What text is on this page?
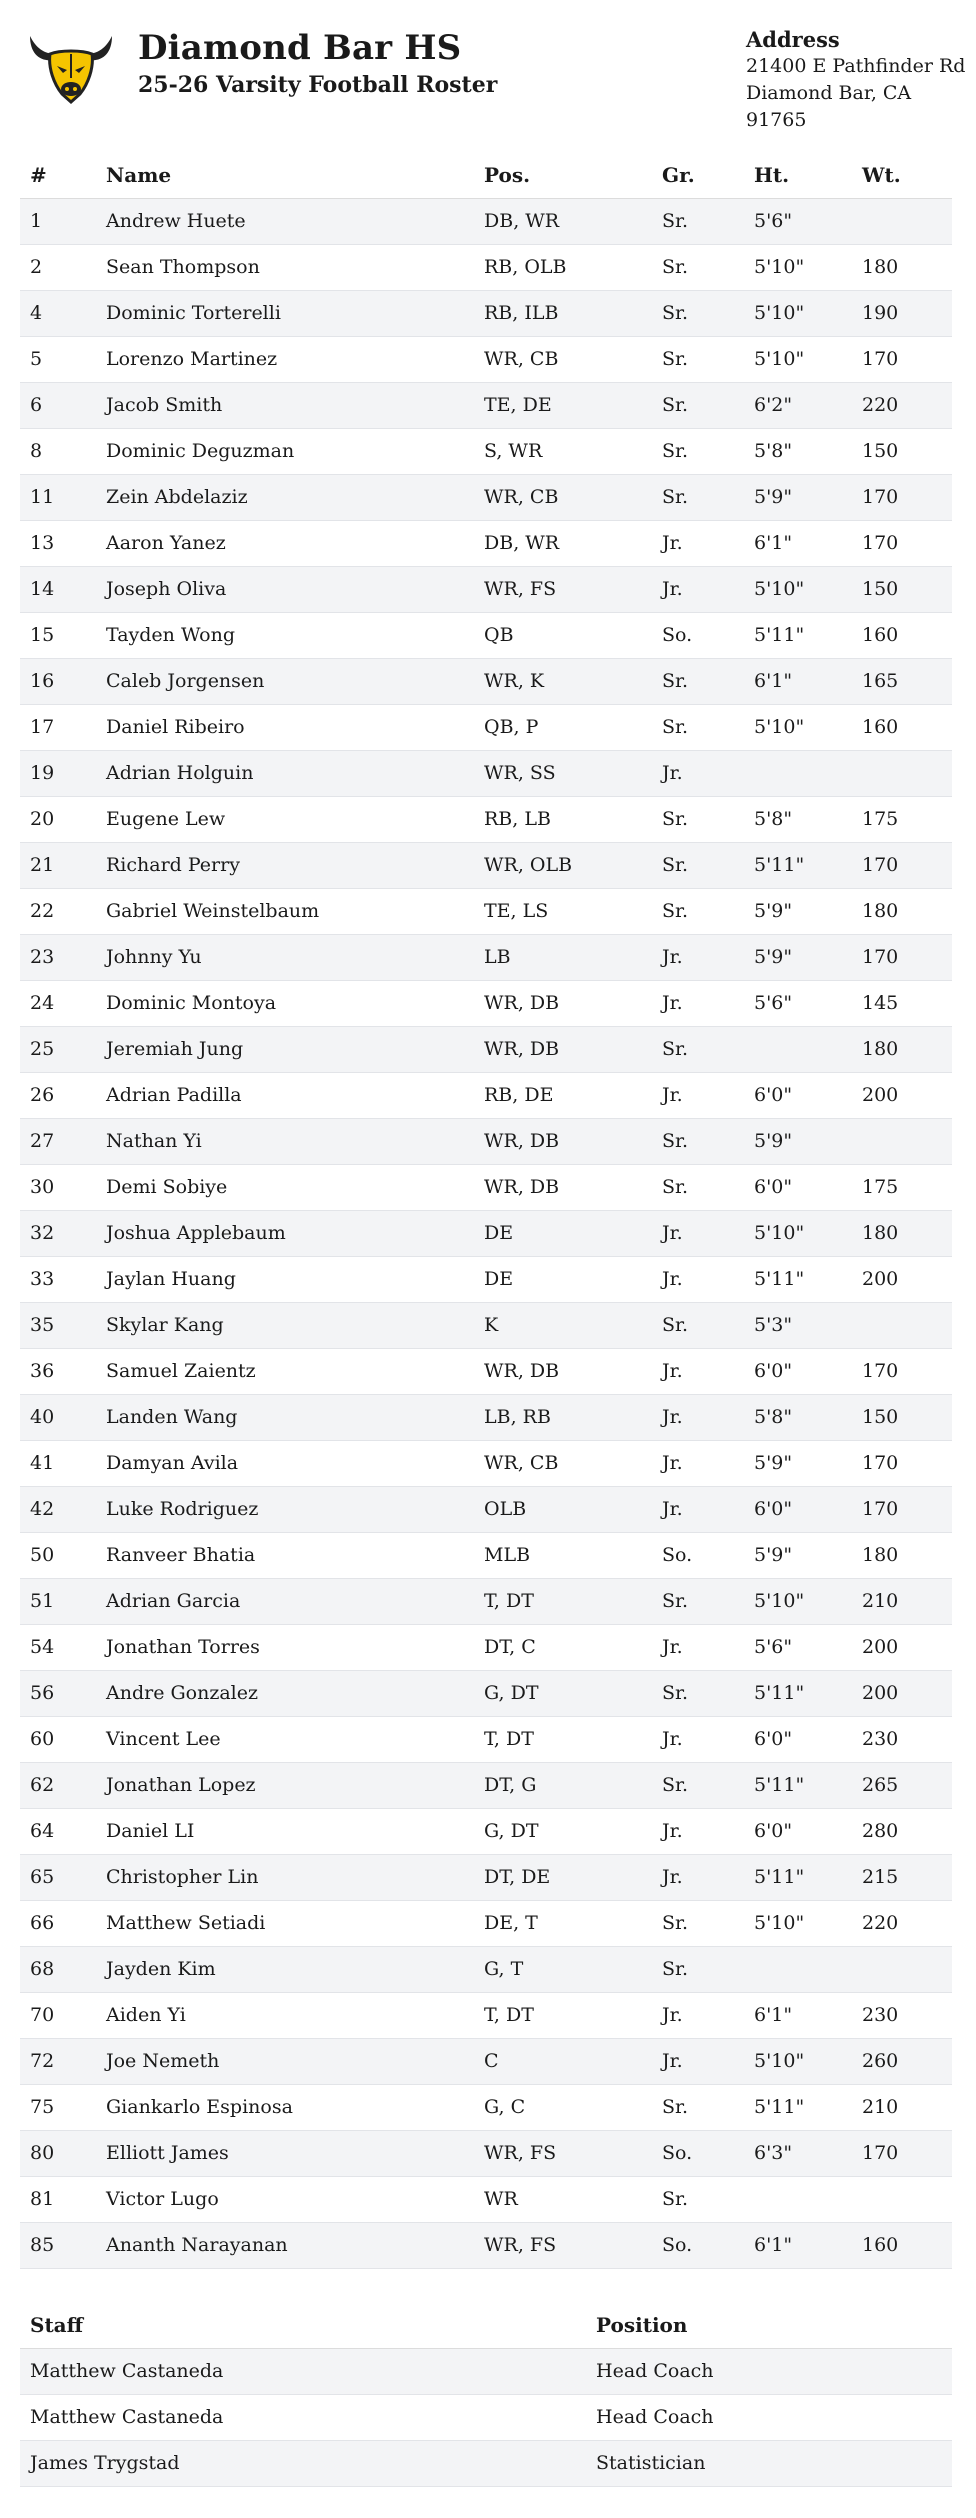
Diamond Bar HS
25-26 Varsity Football Roster
Address
21400 E Pathfinder Rd
Diamond Bar, CA 91765
#	Name	Pos.	Gr.	Ht.	Wt.
1	Andrew Huete	DB, WR	Sr.	5'6"	
2	Sean Thompson	RB, OLB	Sr.	5'10"	180
4	Dominic Torterelli	RB, ILB	Sr.	5'10"	190
5	Lorenzo Martinez	WR, CB	Sr.	5'10"	170
6	Jacob Smith	TE, DE	Sr.	6'2"	220
8	Dominic Deguzman	S, WR	Sr.	5'8"	150
11	Zein Abdelaziz	WR, CB	Sr.	5'9"	170
13	Aaron Yanez	DB, WR	Jr.	6'1"	170
14	Joseph Oliva	WR, FS	Jr.	5'10"	150
15	Tayden Wong	QB	So.	5'11"	160
16	Caleb Jorgensen	WR, K	Sr.	6'1"	165
17	Daniel Ribeiro	QB, P	Sr.	5'10"	160
19	Adrian Holguin	WR, SS	Jr.		
20	Eugene Lew	RB, LB	Sr.	5'8"	175
21	Richard Perry	WR, OLB	Sr.	5'11"	170
22	Gabriel Weinstelbaum	TE, LS	Sr.	5'9"	180
23	Johnny Yu	LB	Jr.	5'9"	170
24	Dominic Montoya	WR, DB	Jr.	5'6"	145
25	Jeremiah Jung	WR, DB	Sr.		180
26	Adrian Padilla	RB, DE	Jr.	6'0"	200
27	Nathan Yi	WR, DB	Sr.	5'9"	
30	Demi Sobiye	WR, DB	Sr.	6'0"	175
32	Joshua Applebaum	DE	Jr.	5'10"	180
33	Jaylan Huang	DE	Jr.	5'11"	200
35	Skylar Kang	K	Sr.	5'3"	
36	Samuel Zaientz	WR, DB	Jr.	6'0"	170
40	Landen Wang	LB, RB	Jr.	5'8"	150
41	Damyan Avila	WR, CB	Jr.	5'9"	170
42	Luke Rodriguez	OLB	Jr.	6'0"	170
50	Ranveer Bhatia	MLB	So.	5'9"	180
51	Adrian Garcia	T, DT	Sr.	5'10"	210
54	Jonathan Torres	DT, C	Jr.	5'6"	200
56	Andre Gonzalez	G, DT	Sr.	5'11"	200
60	Vincent Lee	T, DT	Jr.	6'0"	230
62	Jonathan Lopez	DT, G	Sr.	5'11"	265
64	Daniel LI	G, DT	Jr.	6'0"	280
65	Christopher Lin	DT, DE	Jr.	5'11"	215
66	Matthew Setiadi	DE, T	Sr.	5'10"	220
68	Jayden Kim	G, T	Sr.		
70	Aiden Yi	T, DT	Jr.	6'1"	230
72	Joe Nemeth	C	Jr.	5'10"	260
75	Giankarlo Espinosa	G, C	Sr.	5'11"	210
80	Elliott James	WR, FS	So.	6'3"	170
81	Victor Lugo	WR	Sr.		
85	Ananth Narayanan	WR, FS	So.	6'1"	160
Staff	Position
Matthew Castaneda	Head Coach
Matthew Castaneda	Head Coach
James Trygstad	Statistician
